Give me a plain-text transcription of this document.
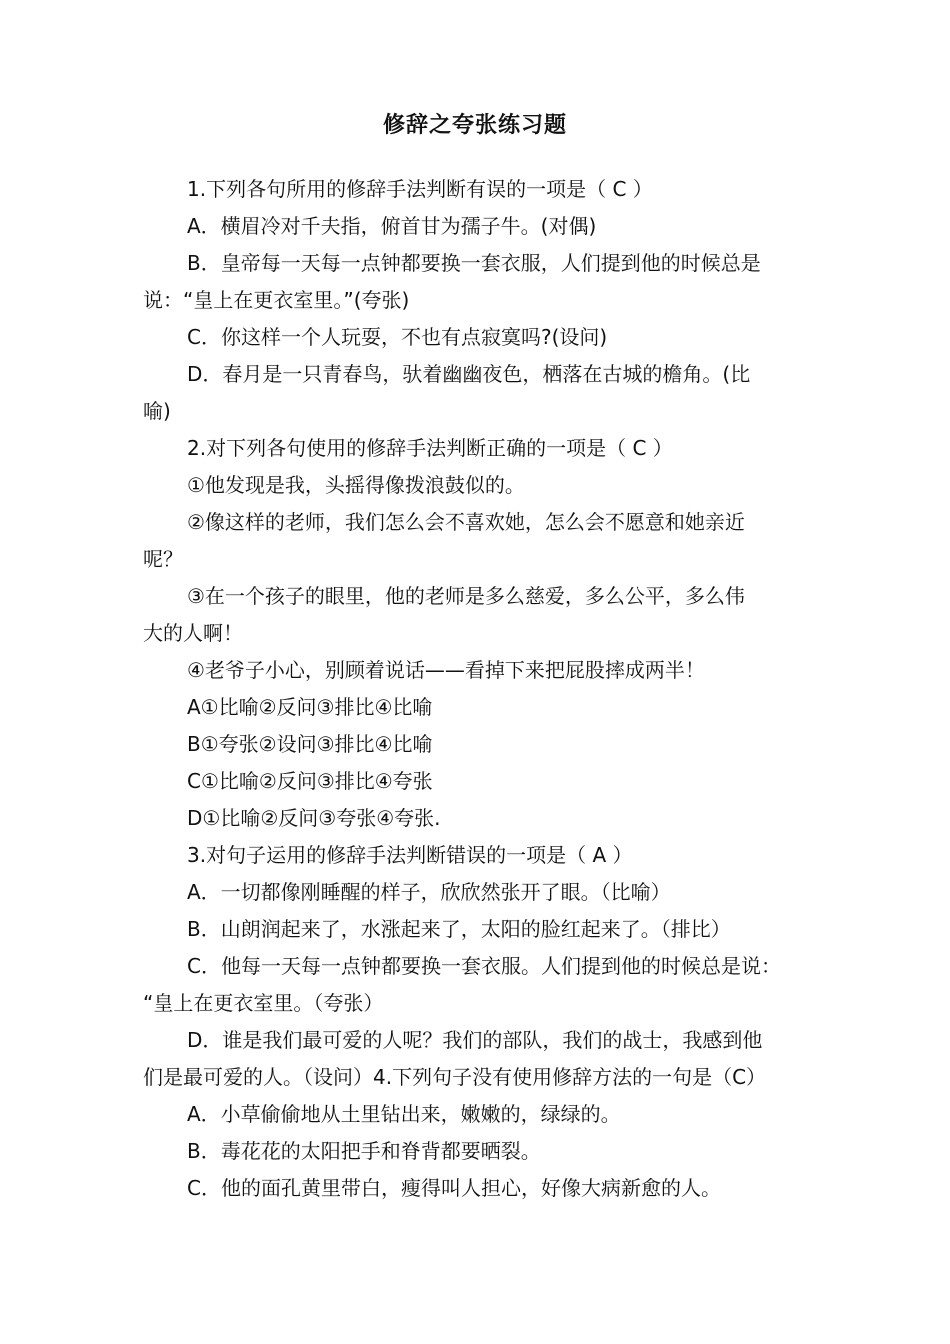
修辞之夸张练习题
1.下列各句所用的修辞手法判断有误的一项是（ C ）
A．横眉冷对千夫指，俯首甘为孺子牛。(对偶)
B．皇帝每一天每一点钟都要换一套衣服，人们提到他的时候总是
说：“皇上在更衣室里。”(夸张)
C．你这样一个人玩耍，不也有点寂寞吗?(设问)
D．春月是一只青春鸟，驮着幽幽夜色，栖落在古城的檐角。(比
喻)
2.对下列各句使用的修辞手法判断正确的一项是（ C ）
①他发现是我，头摇得像拨浪鼓似的。
②像这样的老师，我们怎么会不喜欢她，怎么会不愿意和她亲近
呢？
③在一个孩子的眼里，他的老师是多么慈爱，多么公平，多么伟
大的人啊！
④老爷子小心，别顾着说话——看掉下来把屁股摔成两半！
A①比喻②反问③排比④比喻
B①夸张②设问③排比④比喻
C①比喻②反问③排比④夸张
D①比喻②反问③夸张④夸张.
3.对句子运用的修辞手法判断错误的一项是（ A ）
A．一切都像刚睡醒的样子，欣欣然张开了眼。（比喻）
B．山朗润起来了，水涨起来了，太阳的脸红起来了。（排比）
C．他每一天每一点钟都要换一套衣服。人们提到他的时候总是说：
“皇上在更衣室里。（夸张）
D．谁是我们最可爱的人呢？我们的部队，我们的战士，我感到他
们是最可爱的人。（设问）4.下列句子没有使用修辞方法的一句是（C）
A．小草偷偷地从土里钻出来，嫩嫩的，绿绿的。
B．毒花花的太阳把手和脊背都要晒裂。
C．他的面孔黄里带白，瘦得叫人担心，好像大病新愈的人。
